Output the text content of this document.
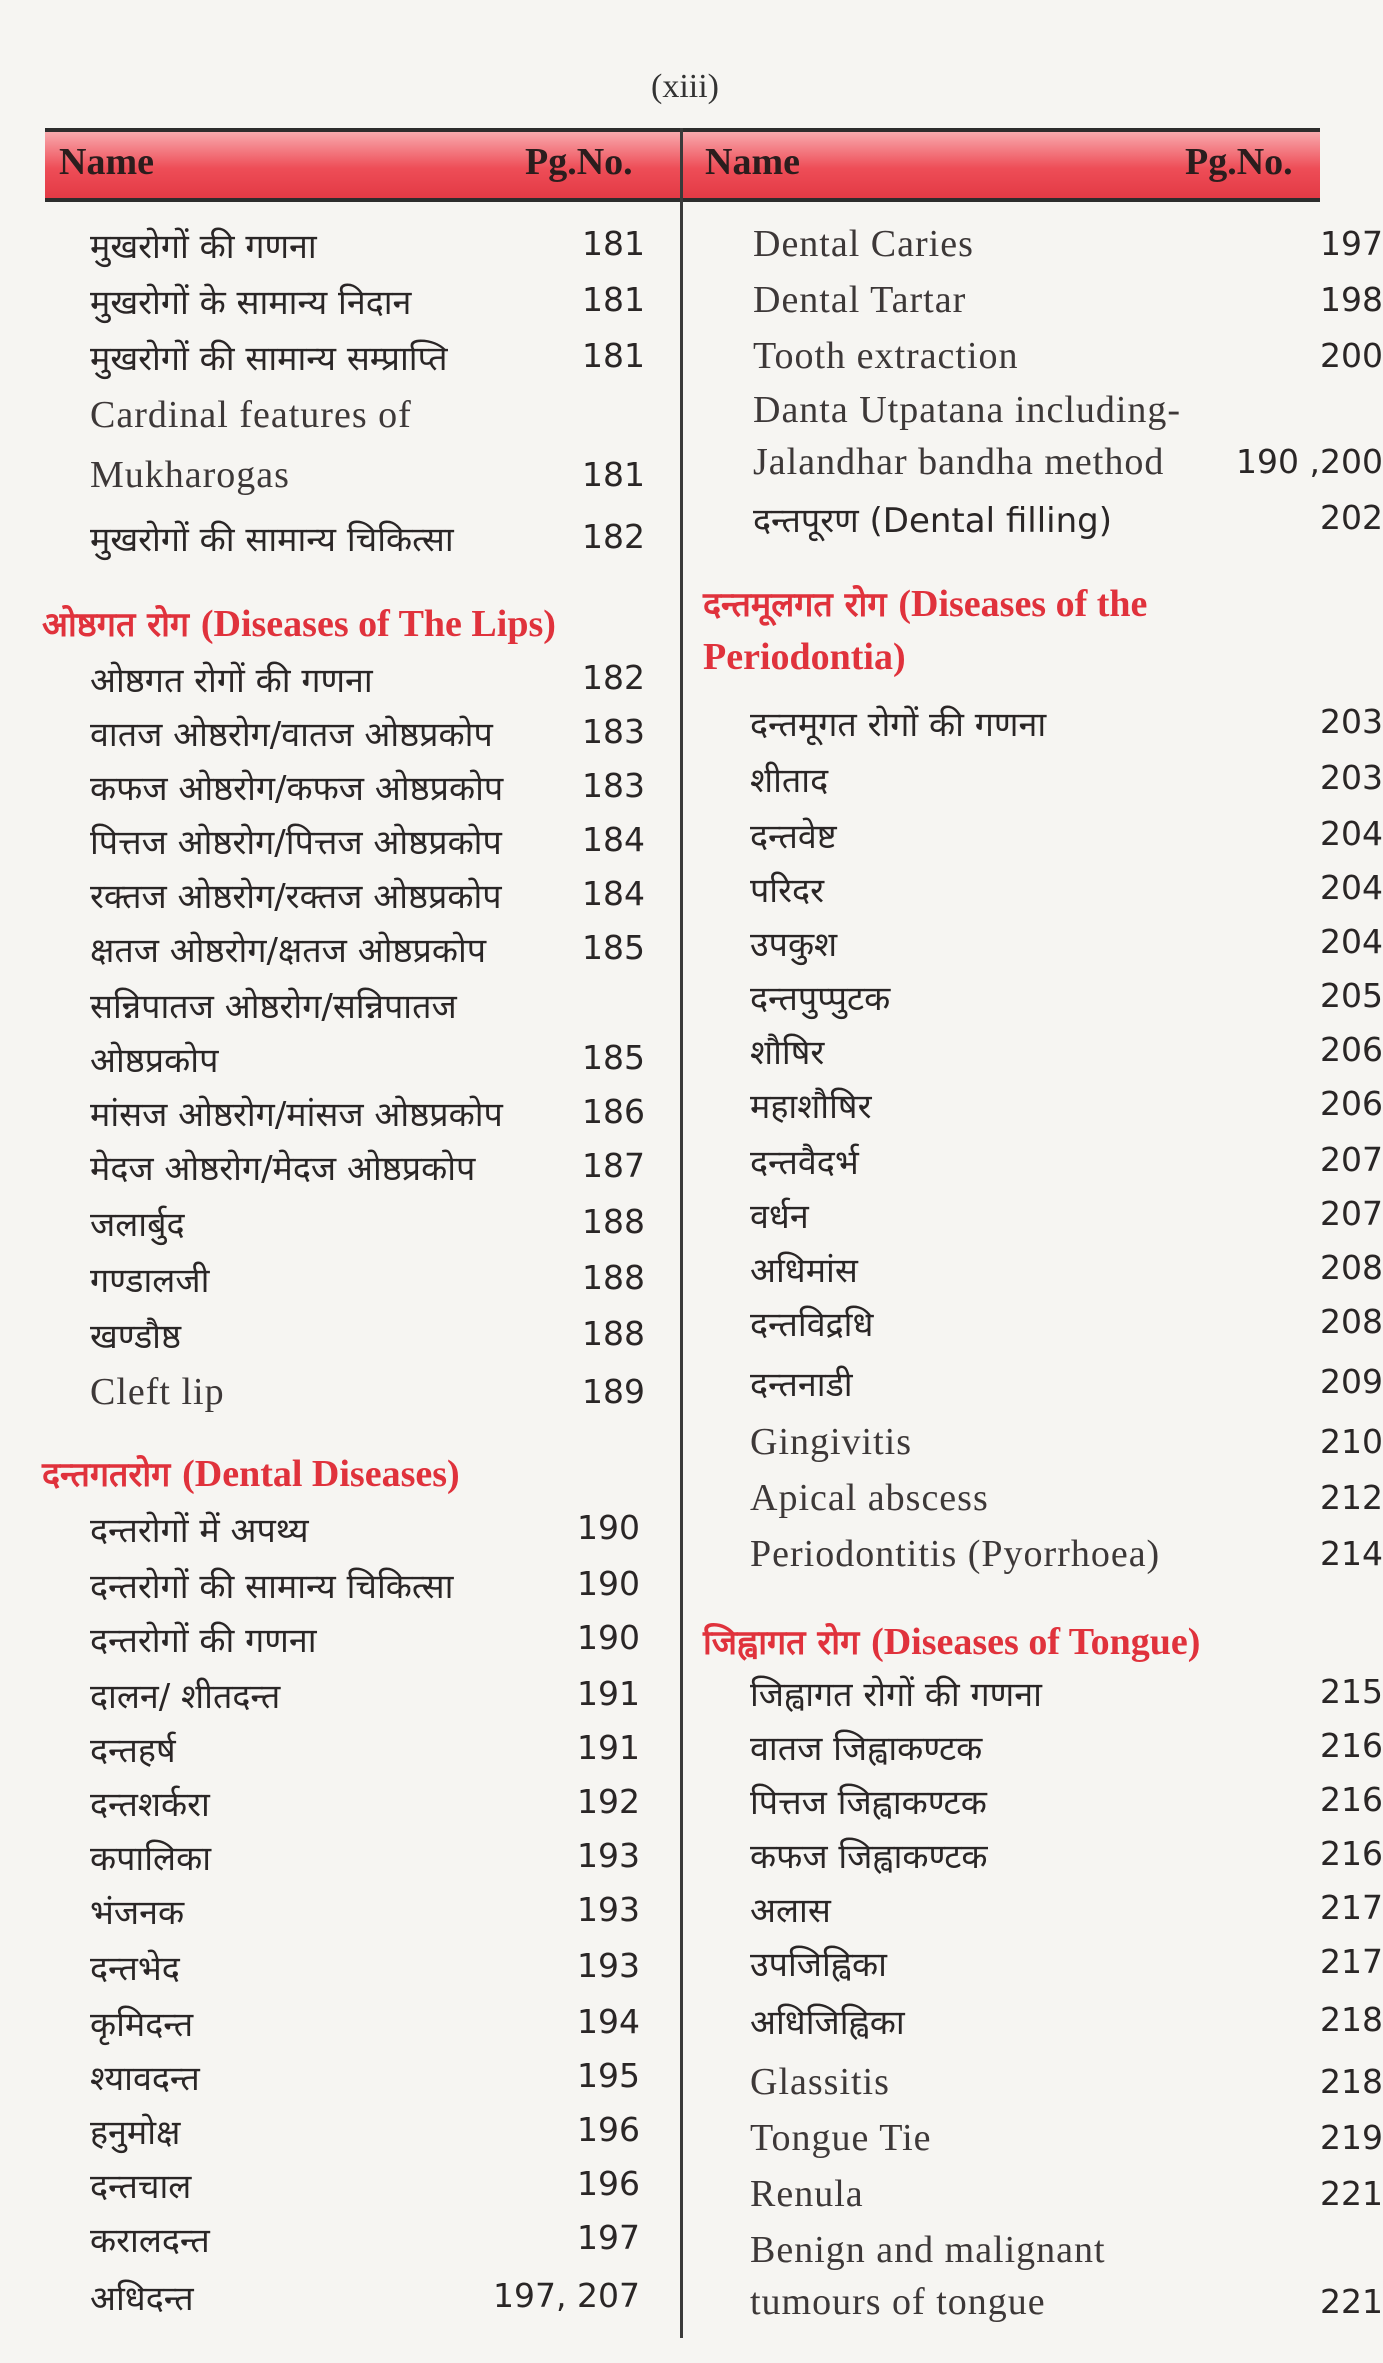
(xiii)
Name	Pg.No. Name	Pg.No.
मुखरोगों की गणना	181
मुखरोगों के सामान्य निदान	181
मुखरोगों की सामान्य सम्प्राप्ति	181
Cardinal features of
Mukharogas	181
मुखरोगों की सामान्य चिकित्सा	182
ओष्ठगत रोग (Diseases of The Lips)
ओष्ठगत रोगों की गणना	182
वातज ओष्ठरोग/वातज ओष्ठप्रकोप	183
कफज ओष्ठरोग/कफज ओष्ठप्रकोप 183
पित्तज ओष्ठरोग/पित्तज ओष्ठप्रकोप 184
रक्तज ओष्ठरोग/रक्तज ओष्ठप्रकोप 184
क्षतज ओष्ठरोग/क्षतज ओष्ठप्रकोप	185
सन्निपातज ओष्ठरोग/सन्निपातज
ओष्ठप्रकोप	185
मांसज ओष्ठरोग/मांसज ओष्ठप्रकोप 186
मेदज ओष्ठरोग/मेदज ओष्ठप्रकोप	187
जलार्बुद	188
गण्डालजी	188
खण्डौष्ठ	188
Cleft lip	189
दन्तगतरोग (Dental Diseases)
दन्तरोगों में अपथ्य	190
दन्तरोगों की सामान्य चिकित्सा	190
दन्तरोगों की गणना	190
दालन/ शीतदन्त	191
दन्तहर्ष	191
दन्तशर्करा	192
कपालिका	193
भंजनक	193
दन्तभेद	193
कृमिदन्त	194
श्यावदन्त	195
हनुमोक्ष	196
दन्तचाल	196
करालदन्त	197
अधिदन्त	197, 207
Dental Caries	197
Dental Tartar	198
Tooth extraction	200
Danta Utpatana including-
Jalandhar bandha method 190 ,200
दन्तपूरण (Dental filling)	202
दन्तमूलगत रोग (Diseases of the
Periodontia)
दन्तमूगत रोगों की गणना	203
शीताद	203
दन्तवेष्ट	204
परिदर	204
उपकुश	204
दन्तपुप्पुटक	205
शौषिर	206
महाशौषिर	206
दन्तवैदर्भ	207
वर्धन	207
अधिमांस	208
दन्तविद्रधि	208
दन्तनाडी	209
Gingivitis	210
Apical abscess	212
Periodontitis (Pyorrhoea)	214
जिह्वागत रोग (Diseases of Tongue)
जिह्वागत रोगों की गणना	215
वातज जिह्वाकण्टक	216
पित्तज जिह्वाकण्टक	216
कफज जिह्वाकण्टक	216
अलास	217
उपजिह्विका	217
अधिजिह्विका	218
Glassitis	218
Tongue Tie	219
Renula	221
Benign and malignant
tumours of tongue	221
